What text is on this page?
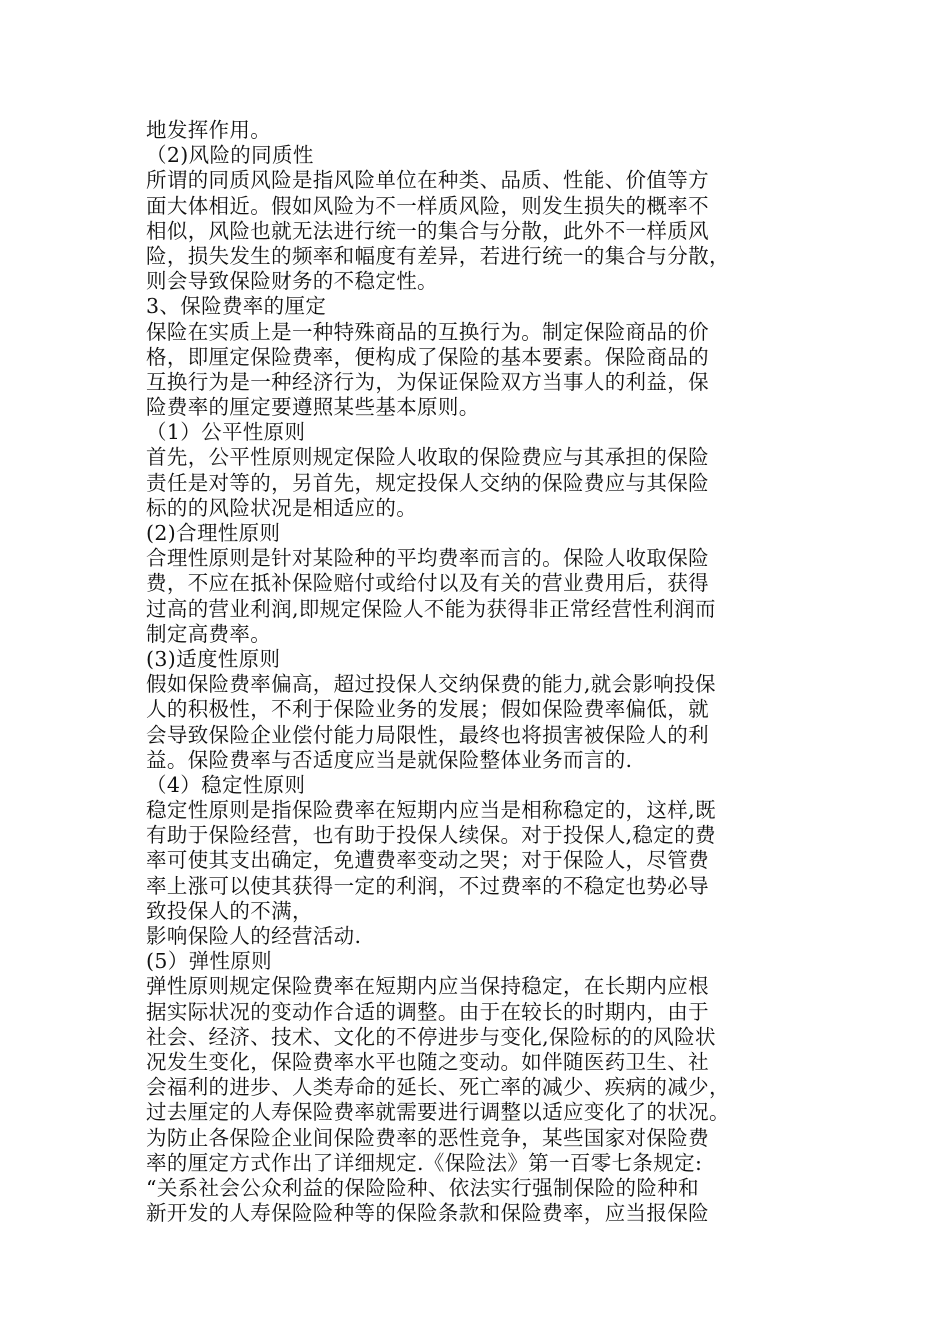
地发挥作用。
（2)风险的同质性
所谓的同质风险是指风险单位在种类、品质、性能、价值等方
面大体相近。假如风险为不一样质风险，则发生损失的概率不
相似，风险也就无法进行统一的集合与分散，此外不一样质风
险，损失发生的频率和幅度有差异，若进行统一的集合与分散，
则会导致保险财务的不稳定性。
3、保险费率的厘定
保险在实质上是一种特殊商品的互换行为。制定保险商品的价
格，即厘定保险费率，便构成了保险的基本要素。保险商品的
互换行为是一种经济行为，为保证保险双方当事人的利益，保
险费率的厘定要遵照某些基本原则。
（1）公平性原则
首先，公平性原则规定保险人收取的保险费应与其承担的保险
责任是对等的，另首先，规定投保人交纳的保险费应与其保险
标的的风险状况是相适应的。
(2)合理性原则
合理性原则是针对某险种的平均费率而言的。保险人收取保险
费，不应在抵补保险赔付或给付以及有关的营业费用后，获得
过高的营业利润,即规定保险人不能为获得非正常经营性利润而
制定高费率。
(3)适度性原则
假如保险费率偏高，超过投保人交纳保费的能力,就会影响投保
人的积极性，不利于保险业务的发展；假如保险费率偏低，就
会导致保险企业偿付能力局限性，最终也将损害被保险人的利
益。保险费率与否适度应当是就保险整体业务而言的.
（4）稳定性原则
稳定性原则是指保险费率在短期内应当是相称稳定的，这样,既
有助于保险经营，也有助于投保人续保。对于投保人,稳定的费
率可使其支出确定，免遭费率变动之哭；对于保险人，尽管费
率上涨可以使其获得一定的利润，不过费率的不稳定也势必导
致投保人的不满，
影响保险人的经营活动.
(5）弹性原则
弹性原则规定保险费率在短期内应当保持稳定，在长期内应根
据实际状况的变动作合适的调整。由于在较长的时期内，由于
社会、经济、技术、文化的不停进步与变化,保险标的的风险状
况发生变化，保险费率水平也随之变动。如伴随医药卫生、社
会福利的进步、人类寿命的延长、死亡率的减少、疾病的减少，
过去厘定的人寿保险费率就需要进行调整以适应变化了的状况。
为防止各保险企业间保险费率的恶性竞争，某些国家对保险费
率的厘定方式作出了详细规定.《保险法》第一百零七条规定:
“关系社会公众利益的保险险种、依法实行强制保险的险种和
新开发的人寿保险险种等的保险条款和保险费率，应当报保险
